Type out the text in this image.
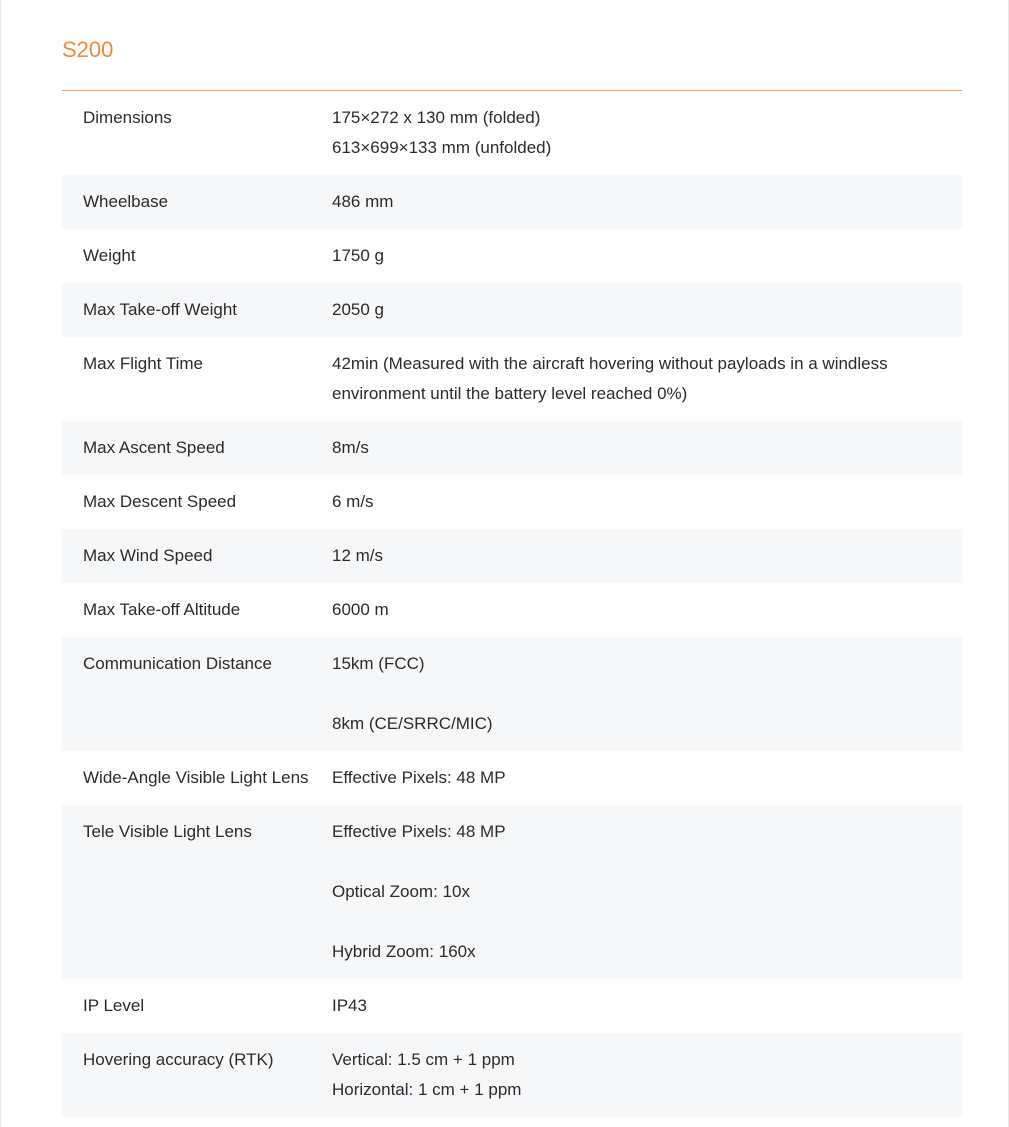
S200
Dimensions	175×272 x 130 mm (folded)
613×699×133 mm (unfolded)

Wheelbase	486 mm
Weight	1750 g
Max Take-off Weight	2050 g
Max Flight Time	42min (Measured with the aircraft hovering without payloads in a windless environment until the battery level reached 0%)
Max Ascent Speed	8m/s
Max Descent Speed	6 m/s
Max Wind Speed	12 m/s
Max Take-off Altitude	6000 m
Communication Distance	15km (FCC)
8km (CE/SRRC/MIC)

Wide-Angle Visible Light Lens	Effective Pixels: 48 MP
Tele Visible Light Lens	Effective Pixels: 48 MP
Optical Zoom: 10x
Hybrid Zoom: 160x

IP Level	IP43
Hovering accuracy (RTK)	Vertical: 1.5 cm + 1 ppm
Horizontal: 1 cm + 1 ppm
